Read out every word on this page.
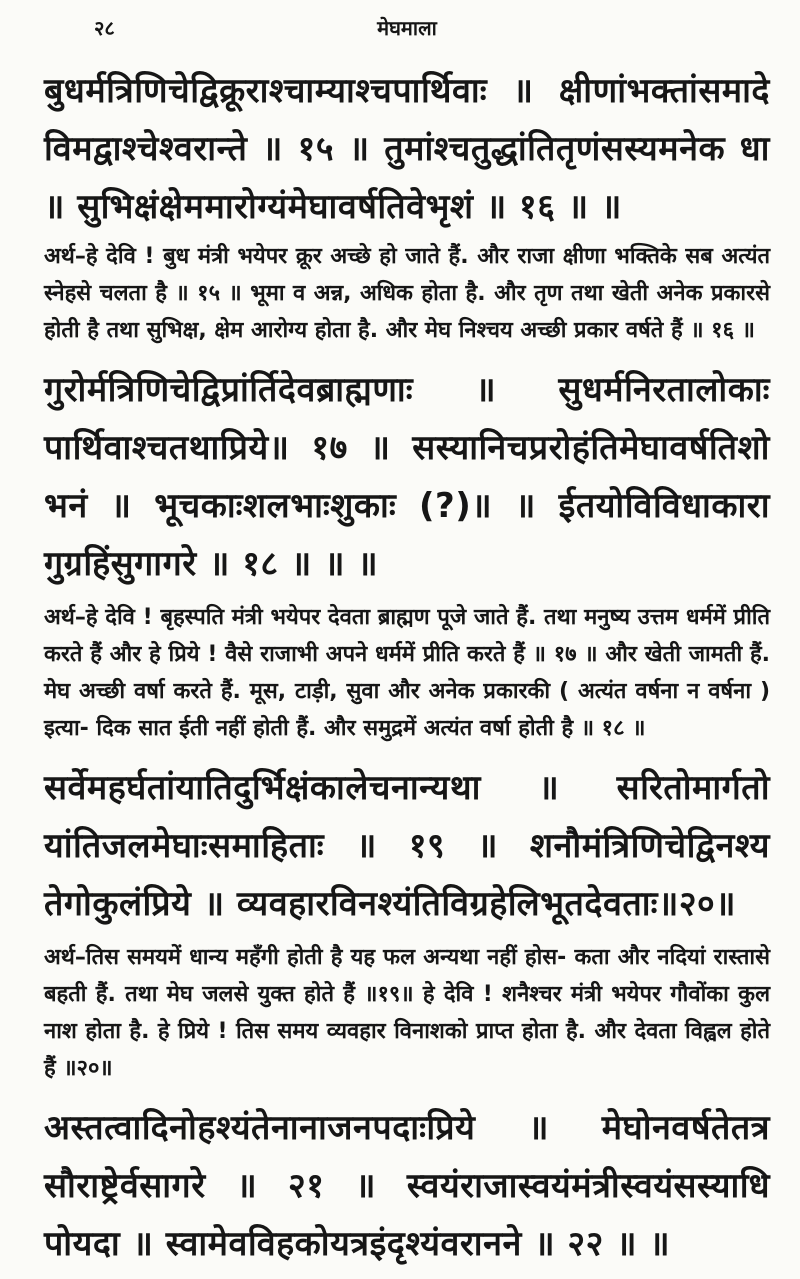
२८	मेघमाला

बुधर्मत्रिणिचेद्विक्रूराश्चाम्याश्चपार्थिवाः ॥ क्षीणांभक्तांसमादे विमद्वाश्चेश्वरान्ते ॥ १५ ॥ तुमांश्चतुद्धांतितृणंसस्यमनेक धा ॥ सुभिक्षंक्षेममारोग्यंमेघावर्षतिवेभृशं ॥ १६ ॥ ॥

अर्थ–हे देवि ! बुध मंत्री भयेपर क्रूर अच्छे हो जाते हैं. और राजा क्षीणा भक्तिके सब अत्यंत स्नेहसे चलता है ॥ १५ ॥ भूमा व अन्न, अधिक होता है. और तृण तथा खेती अनेक प्रकारसे होती है तथा सुभिक्ष, क्षेम आरोग्य होता है. और मेघ निश्चय अच्छी प्रकार वर्षते हैं ॥ १६ ॥

गुरोर्मत्रिणिचेद्विप्रांर्तिदेवब्राह्मणाः ॥ सुधर्मनिरतालोकाः पार्थिवाश्चतथाप्रिये॥ १७ ॥ सस्यानिचप्ररोहंतिमेघावर्षतिशो भनं ॥ भूचकाःशलभाःशुकाः (?)॥ ॥ ईतयोविविधाकारा गुग्रहिंसुगागरे ॥ १८ ॥ ॥ ॥

अर्थ–हे देवि ! बृहस्पति मंत्री भयेपर देवता ब्राह्मण पूजे जाते हैं. तथा मनुष्य उत्तम धर्ममें प्रीति करते हैं और हे प्रिये ! वैसे राजाभी अपने धर्ममें प्रीति करते हैं ॥ १७ ॥ और खेती जामती हैं. मेघ अच्छी वर्षा करते हैं. मूस, टाड़ी, सुवा और अनेक प्रकारकी ( अत्यंत वर्षना न वर्षना ) इत्या- दिक सात ईती नहीं होती हैं. और समुद्रमें अत्यंत वर्षा होती है ॥ १८ ॥

सर्वेमहर्घतांयातिदुर्भिक्षंकालेचनान्यथा ॥ सरितोमार्गतो यांतिजलमेघाःसमाहिताः ॥ १९ ॥ शनौमंत्रिणिचेद्विनश्य तेगोकुलंप्रिये ॥ व्यवहारविनश्यंतिविग्रहेलिभूतदेवताः॥२०॥

अर्थ–तिस समयमें धान्य महँगी होती है यह फल अन्यथा नहीं होस- कता और नदियां रास्तासे बहती हैं. तथा मेघ जलसे युक्त होते हैं ॥१९॥ हे देवि ! शनैश्चर मंत्री भयेपर गौवोंका कुल नाश होता है. हे प्रिये ! तिस समय व्यवहार विनाशको प्राप्त होता है. और देवता विह्वल होते हैं ॥२०॥

अस्तत्वादिनोहश्यंतेनानाजनपदाःप्रिये ॥ मेघोनवर्षतेतत्र सौराष्ट्रेर्वसागरे ॥ २१ ॥ स्वयंराजास्वयंमंत्रीस्वयंसस्याधि पोयदा ॥ स्वामेवविहकोयत्रइंदृश्यंवरानने ॥ २२ ॥ ॥
